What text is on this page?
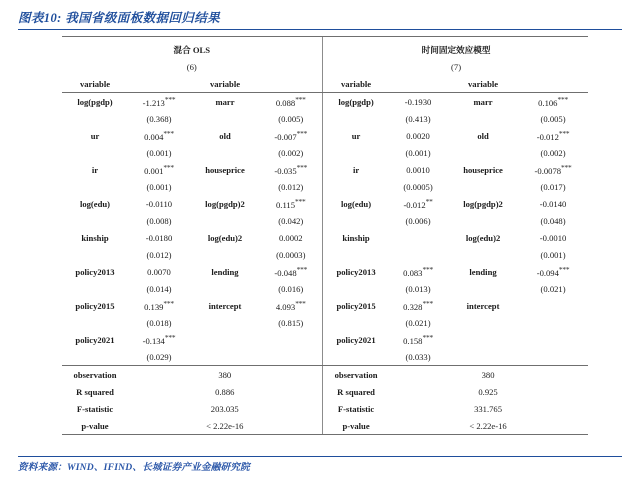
图表10: 我国省级面板数据回归结果
混合 OLS					时间固定效应模型			
(6)					(7)			
variable		variable			variable		variable	
log(pgdp)	-1.213***	marr	0.088***		log(pgdp)	-0.1930	marr	0.106***
	(0.368)		(0.005)			(0.413)		(0.005)
ur	0.004***	old	-0.007***		ur	0.0020	old	-0.012***
	(0.001)		(0.002)			(0.001)		(0.002)
ir	0.001***	houseprice	-0.035***		ir	0.0010	houseprice	-0.0078***
	(0.001)		(0.012)			(0.0005)		(0.017)
log(edu)	-0.0110	log(pgdp)2	0.115***		log(edu)	-0.012**	log(pgdp)2	-0.0140
	(0.008)		(0.042)			(0.006)		(0.048)
kinship	-0.0180	log(edu)2	0.0002		kinship		log(edu)2	-0.0010
	(0.012)		(0.0003)					(0.001)
policy2013	0.0070	lending	-0.048***		policy2013	0.083***	lending	-0.094***
	(0.014)		(0.016)			(0.013)		(0.021)
policy2015	0.139***	intercept	4.093***		policy2015	0.328***	intercept	
	(0.018)		(0.815)			(0.021)		
policy2021	-0.134***				policy2021	0.158***		
	(0.029)					(0.033)		
observation	380				observation	380		
R squared	0.886				R squared	0.925		
F-statistic	203.035				F-statistic	331.765		
p-value	< 2.22e-16				p-value	< 2.22e-16		
资料来源：WIND、IFIND、长城证券产业金融研究院
